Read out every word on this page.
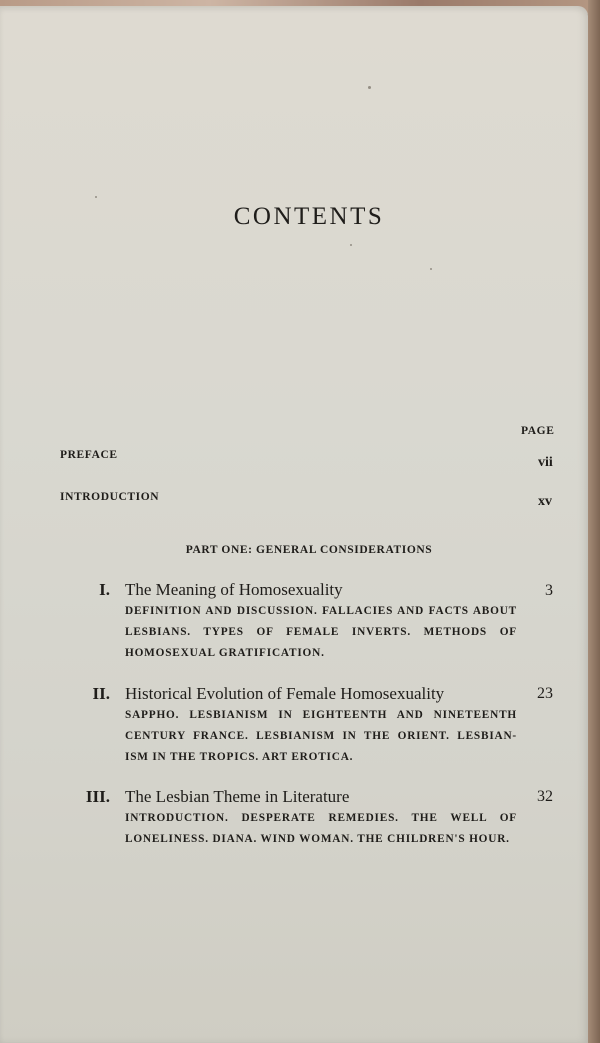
CONTENTS
PAGE
PREFACE	vii
INTRODUCTION	xv
PART ONE: GENERAL CONSIDERATIONS
I. The Meaning of Homosexuality	3
DEFINITION AND DISCUSSION. FALLACIES AND FACTS ABOUT LESBIANS. TYPES OF FEMALE INVERTS. METHODS OF HOMOSEXUAL GRATIFICATION.
II. Historical Evolution of Female Homosexuality	23
SAPPHO. LESBIANISM IN EIGHTEENTH AND NINETEENTH CENTURY FRANCE. LESBIANISM IN THE ORIENT. LESBIAN-ISM IN THE TROPICS. ART EROTICA.
III. The Lesbian Theme in Literature	32
INTRODUCTION. DESPERATE REMEDIES. THE WELL OF LONELINESS. DIANA. WIND WOMAN. THE CHILDREN'S HOUR.
